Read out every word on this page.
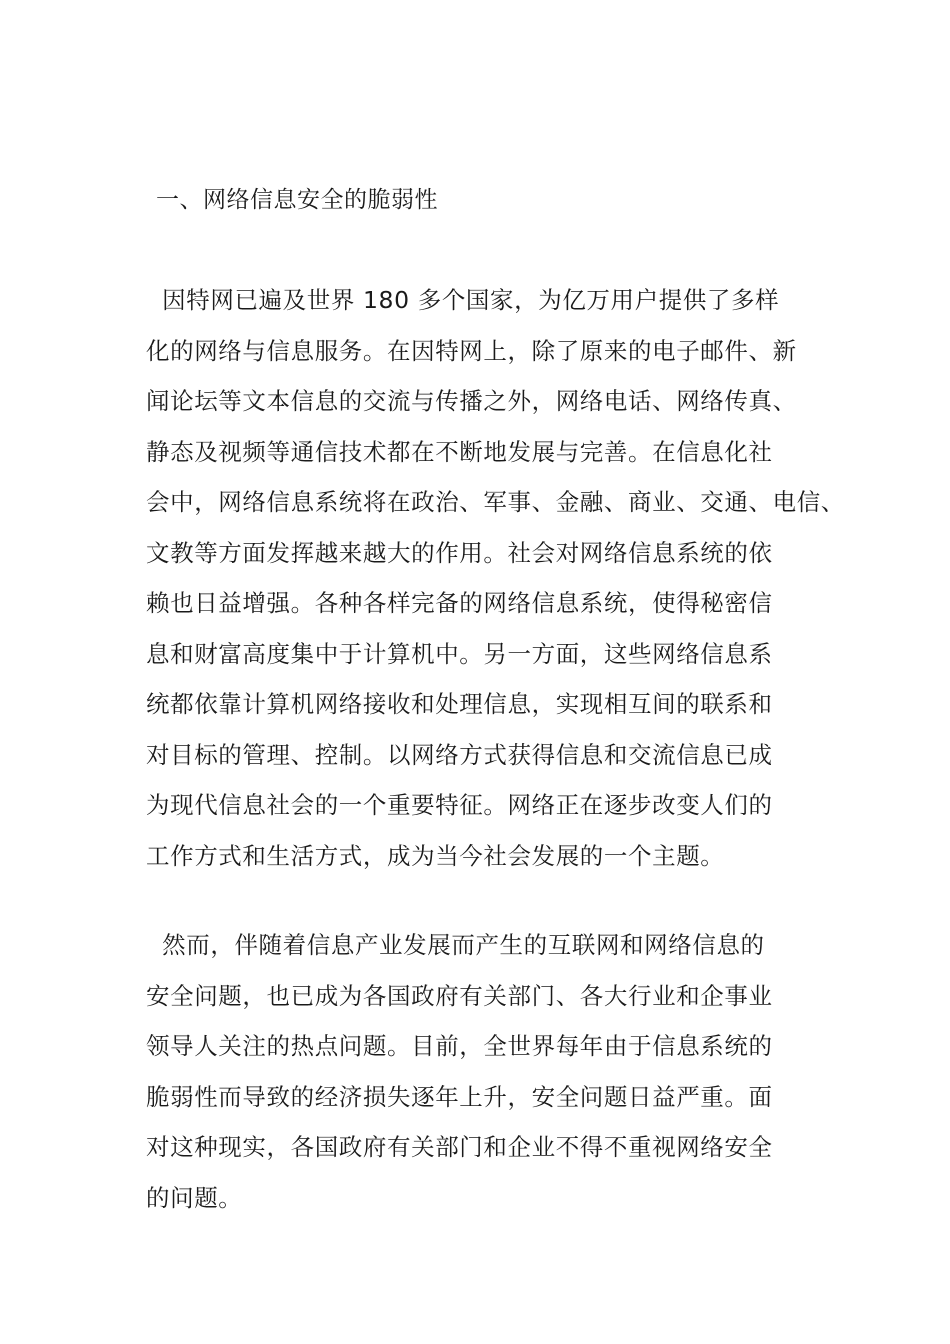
一、网络信息安全的脆弱性
因特网已遍及世界 180 多个国家，为亿万用户提供了多样
化的网络与信息服务。在因特网上，除了原来的电子邮件、新
闻论坛等文本信息的交流与传播之外，网络电话、网络传真、
静态及视频等通信技术都在不断地发展与完善。在信息化社
会中，网络信息系统将在政治、军事、金融、商业、交通、电信、
文教等方面发挥越来越大的作用。社会对网络信息系统的依
赖也日益增强。各种各样完备的网络信息系统，使得秘密信
息和财富高度集中于计算机中。另一方面，这些网络信息系
统都依靠计算机网络接收和处理信息，实现相互间的联系和
对目标的管理、控制。以网络方式获得信息和交流信息已成
为现代信息社会的一个重要特征。网络正在逐步改变人们的
工作方式和生活方式，成为当今社会发展的一个主题。
然而，伴随着信息产业发展而产生的互联网和网络信息的
安全问题，也已成为各国政府有关部门、各大行业和企事业
领导人关注的热点问题。目前，全世界每年由于信息系统的
脆弱性而导致的经济损失逐年上升，安全问题日益严重。面
对这种现实，各国政府有关部门和企业不得不重视网络安全
的问题。
